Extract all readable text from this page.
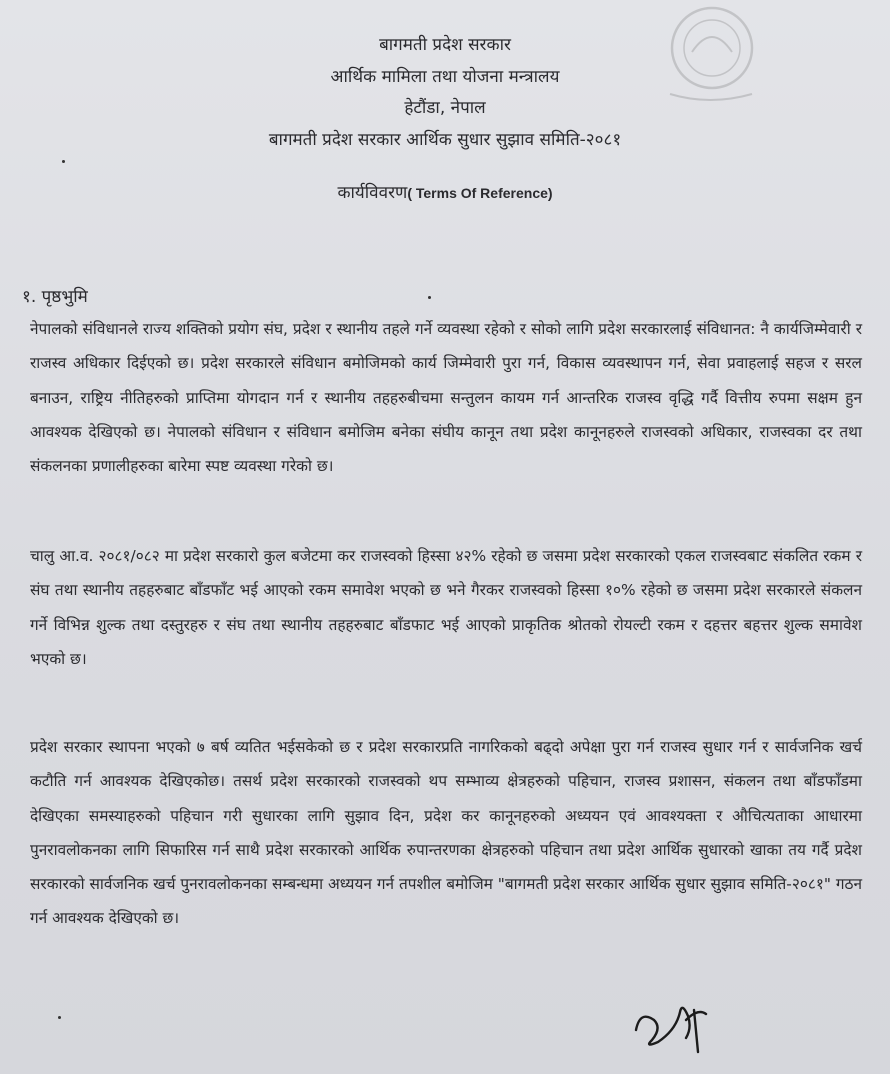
बागमती प्रदेश सरकार
आर्थिक मामिला तथा योजना मन्त्रालय
हेटौंडा, नेपाल
बागमती प्रदेश सरकार आर्थिक सुधार सुझाव समिति-२०८१
कार्यविवरण( Terms Of Reference)
१. पृष्ठभुमि
नेपालको संविधानले राज्य शक्तिको प्रयोग संघ, प्रदेश र स्थानीय तहले गर्ने व्यवस्था रहेको र सोको लागि प्रदेश सरकारलाई संविधानत: नै कार्यजिम्मेवारी र राजस्व अधिकार दिईएको छ। प्रदेश सरकारले संविधान बमोजिमको कार्य जिम्मेवारी पुरा गर्न, विकास व्यवस्थापन गर्न, सेवा प्रवाहलाई सहज र सरल बनाउन, राष्ट्रिय नीतिहरुको प्राप्तिमा योगदान गर्न र स्थानीय तहहरुबीचमा सन्तुलन कायम गर्न आन्तरिक राजस्व वृद्धि गर्दै वित्तीय रुपमा सक्षम हुन आवश्यक देखिएको छ। नेपालको संविधान र संविधान बमोजिम बनेका संघीय कानून तथा प्रदेश कानूनहरुले राजस्वको अधिकार, राजस्वका दर तथा संकलनका प्रणालीहरुका बारेमा स्पष्ट व्यवस्था गरेको छ।
चालु आ.व. २०८१/०८२ मा प्रदेश सरकारो कुल बजेटमा कर राजस्वको हिस्सा ४२% रहेको छ जसमा प्रदेश सरकारको एकल राजस्वबाट संकलित रकम र संघ तथा स्थानीय तहहरुबाट बाँडफाँट भई आएको रकम समावेश भएको छ भने गैरकर राजस्वको हिस्सा १०% रहेको छ जसमा प्रदेश सरकारले संकलन गर्ने विभिन्न शुल्क तथा दस्तुरहरु र संघ तथा स्थानीय तहहरुबाट बाँडफाट भई आएको प्राकृतिक श्रोतको रोयल्टी रकम र दहत्तर बहत्तर शुल्क समावेश भएको छ।
प्रदेश सरकार स्थापना भएको ७ बर्ष व्यतित भईसकेको छ र प्रदेश सरकारप्रति नागरिकको बढ्दो अपेक्षा पुरा गर्न राजस्व सुधार गर्न र सार्वजनिक खर्च कटौति गर्न आवश्यक देखिएकोछ। तसर्थ प्रदेश सरकारको राजस्वको थप सम्भाव्य क्षेत्रहरुको पहिचान, राजस्व प्रशासन, संकलन तथा बाँडफाँडमा देखिएका समस्याहरुको पहिचान गरी सुधारका लागि सुझाव दिन, प्रदेश कर कानूनहरुको अध्ययन एवं आवश्यक्ता र औचित्यताका आधारमा पुनरावलोकनका लागि सिफारिस गर्न साथै प्रदेश सरकारको आर्थिक रुपान्तरणका क्षेत्रहरुको पहिचान तथा प्रदेश आर्थिक सुधारको खाका तय गर्दै प्रदेश सरकारको सार्वजनिक खर्च पुनरावलोकनका सम्बन्धमा अध्ययन गर्न तपशील बमोजिम "बागमती प्रदेश सरकार आर्थिक सुधार सुझाव समिति-२०८१" गठन गर्न आवश्यक देखिएको छ।
